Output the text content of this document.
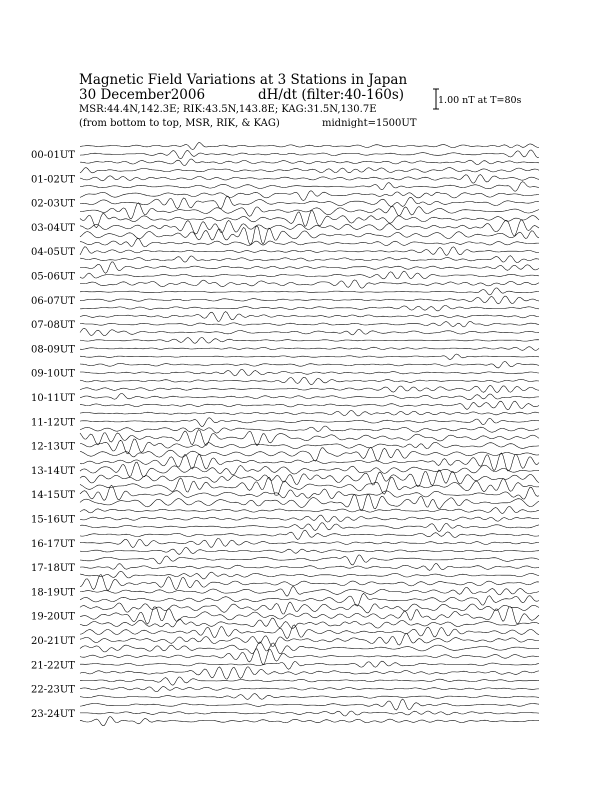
00-01UT
01-02UT
02-03UT
03-04UT
04-05UT
05-06UT
06-07UT
07-08UT
08-09UT
09-10UT
10-11UT
11-12UT
12-13UT
13-14UT
14-15UT
15-16UT
16-17UT
17-18UT
18-19UT
19-20UT
20-21UT
21-22UT
22-23UT
23-24UT
Magnetic Field Variations at 3 Stations in Japan
30 December2006	dH/dt (filter:40-160s)
MSR:44.4N,142.3E; RIK:43.5N,143.8E; KAG:31.5N,130.7E
(from bottom to top, MSR, RIK, & KAG)	midnight=1500UT
1.00 nT at T=80s
